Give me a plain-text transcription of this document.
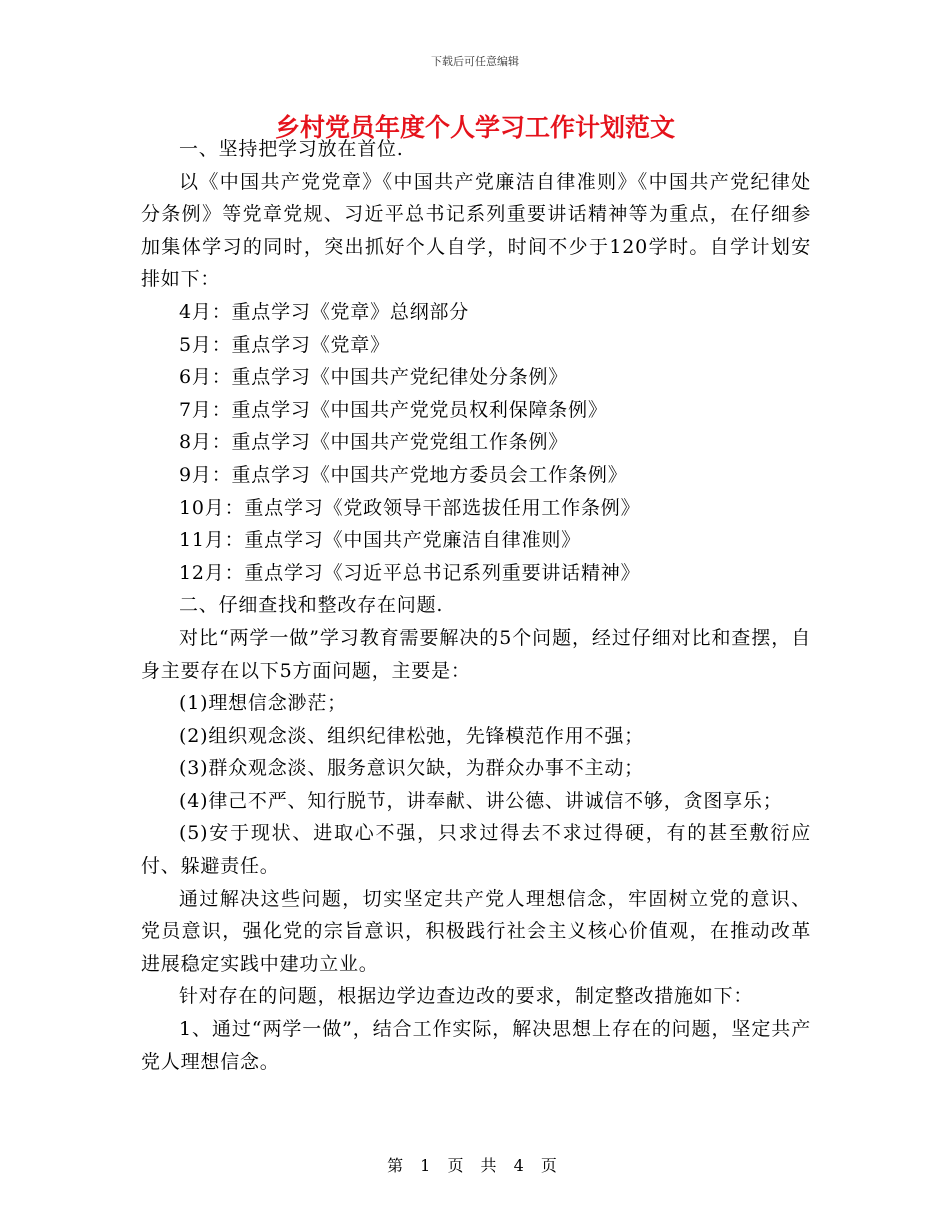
下载后可任意编辑
乡村党员年度个人学习工作计划范文

一、坚持把学习放在首位.

以《中国共产党党章》《中国共产党廉洁自律准则》《中国共产党纪律处分条例》等党章党规、习近平总书记系列重要讲话精神等为重点，在仔细参加集体学习的同时，突出抓好个人自学，时间不少于120学时。自学计划安排如下：

4月：重点学习《党章》总纲部分

5月：重点学习《党章》

6月：重点学习《中国共产党纪律处分条例》

7月：重点学习《中国共产党党员权利保障条例》

8月：重点学习《中国共产党党组工作条例》

9月：重点学习《中国共产党地方委员会工作条例》

10月：重点学习《党政领导干部选拔任用工作条例》

11月：重点学习《中国共产党廉洁自律准则》

12月：重点学习《习近平总书记系列重要讲话精神》

二、仔细查找和整改存在问题.

对比“两学一做”学习教育需要解决的5个问题，经过仔细对比和查摆，自身主要存在以下5方面问题，主要是：

(1)理想信念渺茫；

(2)组织观念淡、组织纪律松弛，先锋模范作用不强；

(3)群众观念淡、服务意识欠缺，为群众办事不主动；

(4)律己不严、知行脱节，讲奉献、讲公德、讲诚信不够，贪图享乐；

(5)安于现状、进取心不强，只求过得去不求过得硬，有的甚至敷衍应付、躲避责任。

通过解决这些问题，切实坚定共产党人理想信念，牢固树立党的意识、党员意识，强化党的宗旨意识，积极践行社会主义核心价值观，在推动改革进展稳定实践中建功立业。

针对存在的问题，根据边学边查边改的要求，制定整改措施如下：

1、通过“两学一做”，结合工作实际，解决思想上存在的问题，坚定共产党人理想信念。

第 1 页 共 4 页
